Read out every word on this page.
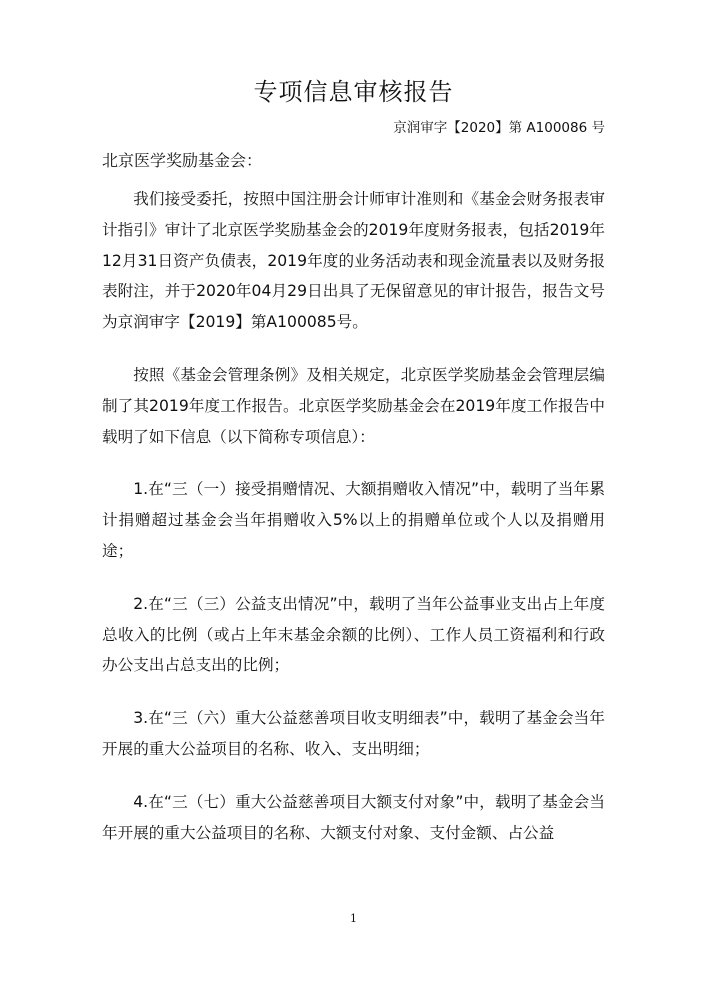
专项信息审核报告

京润审字【2020】第 A100086 号

北京医学奖励基金会：

我们接受委托，按照中国注册会计师审计准则和《基金会财务报表审计指引》审计了北京医学奖励基金会的2019年度财务报表，包括2019年12月31日资产负债表，2019年度的业务活动表和现金流量表以及财务报表附注，并于2020年04月29日出具了无保留意见的审计报告，报告文号为京润审字【2019】第A100085号。

按照《基金会管理条例》及相关规定，北京医学奖励基金会管理层编制了其2019年度工作报告。北京医学奖励基金会在2019年度工作报告中载明了如下信息（以下简称专项信息）：

1.在“三（一）接受捐赠情况、大额捐赠收入情况”中，载明了当年累计捐赠超过基金会当年捐赠收入5%以上的捐赠单位或个人以及捐赠用途；

2.在“三（三）公益支出情况”中，载明了当年公益事业支出占上年度总收入的比例（或占上年末基金余额的比例）、工作人员工资福利和行政办公支出占总支出的比例；

3.在“三（六）重大公益慈善项目收支明细表”中，载明了基金会当年开展的重大公益项目的名称、收入、支出明细；

4.在“三（七）重大公益慈善项目大额支付对象”中，载明了基金会当年开展的重大公益项目的名称、大额支付对象、支付金额、占公益

1
